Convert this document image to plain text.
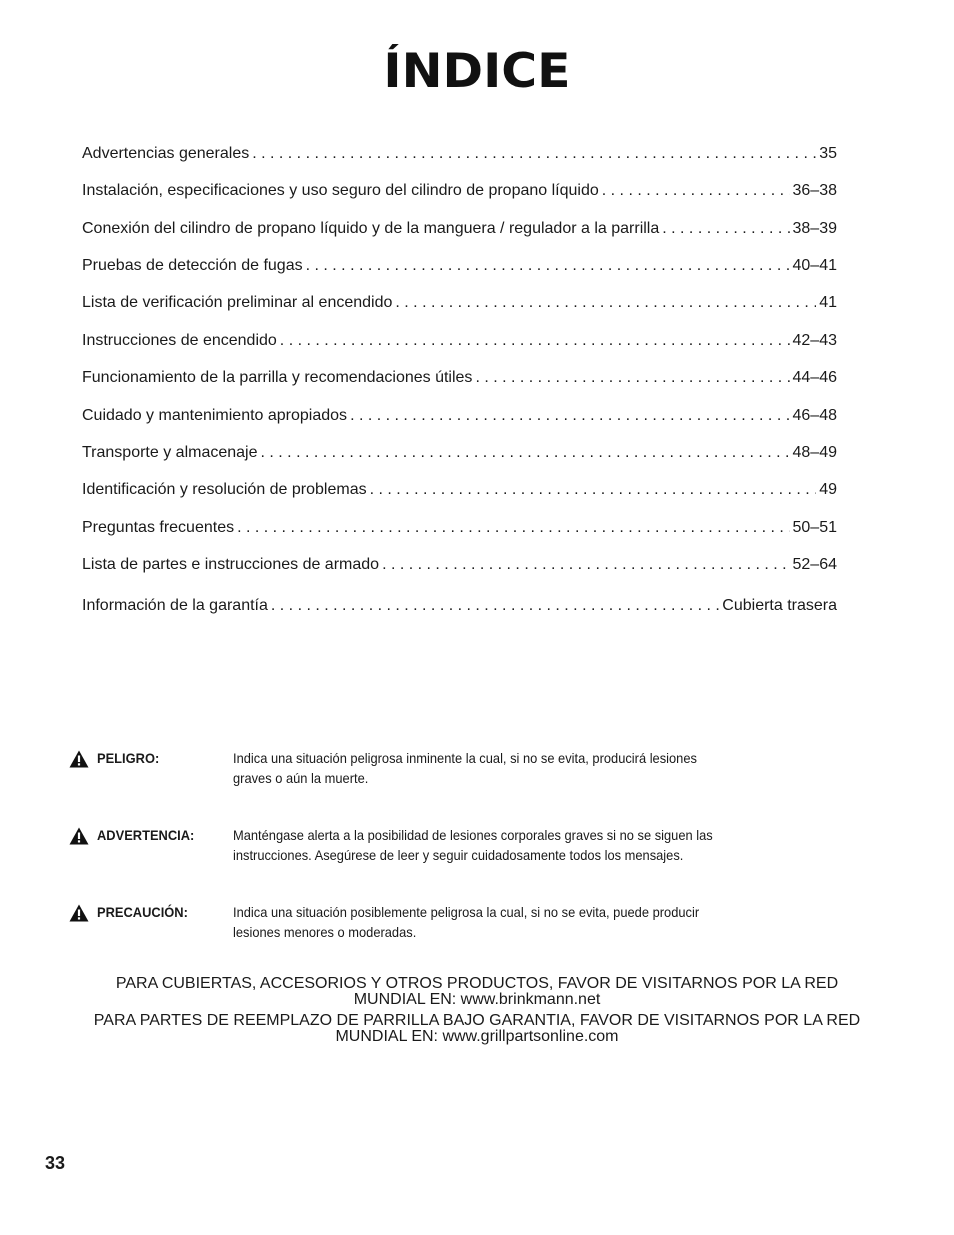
ÍNDICE
Advertencias generales . . .	35
Instalación, especificaciones y uso seguro del cilindro de propano líquido . . .	36–38
Conexión del cilindro de propano líquido y de la manguera / regulador a la parrilla . . .	38–39
Pruebas de detección de fugas . . .	40–41
Lista de verificación preliminar al encendido . . .	41
Instrucciones de encendido . . .	42–43
Funcionamiento de la parrilla y recomendaciones útiles . . .	44–46
Cuidado y mantenimiento apropiados . . .	46–48
Transporte y almacenaje . . .	48–49
Identificación y resolución de problemas . . .	49
Preguntas frecuentes . . .	50–51
Lista de partes e instrucciones de armado . . .	52–64
Información de la garantía . . .	Cubierta trasera
PELIGRO:	Indica una situación peligrosa inminente la cual, si no se evita, producirá lesiones
graves o aún la muerte.
ADVERTENCIA:	Manténgase alerta a la posibilidad de lesiones corporales graves si no se siguen las
instrucciones. Asegúrese de leer y seguir cuidadosamente todos los mensajes.
PRECAUCIÓN:	Indica una situación posiblemente peligrosa la cual, si no se evita, puede producir
lesiones menores o moderadas.
PARA CUBIERTAS, ACCESORIOS Y OTROS PRODUCTOS, FAVOR DE VISITARNOS POR LA RED
MUNDIAL EN: www.brinkmann.net
PARA PARTES DE REEMPLAZO DE PARRILLA BAJO GARANTIA, FAVOR DE VISITARNOS POR LA RED
MUNDIAL EN: www.grillpartsonline.com
33
